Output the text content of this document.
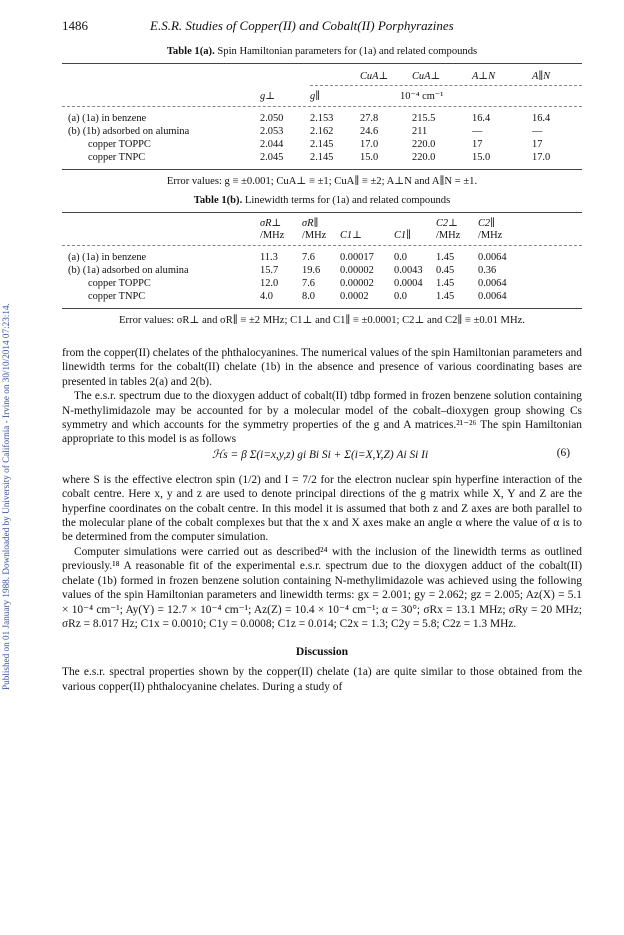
Published on 01 January 1988. Downloaded by University of California - Irvine on 30/10/2014 07:23:14.
1486	E.S.R. Studies of Copper(II) and Cobalt(II) Porphyrazines
Table 1(a). Spin Hamiltonian parameters for (1a) and related compounds
			CuA⊥	CuA⊥	A⊥N	A∥N

	g⊥	g∥	10⁻⁴ cm⁻¹			

(a) (1a) in benzene	2.050	2.153	27.8	215.5	16.4	16.4
(b) (1b) adsorbed on alumina	2.053	2.162	24.6	211	—	—
copper TOPPC	2.044	2.145	17.0	220.0	17	17
copper TNPC	2.045	2.145	15.0	220.0	15.0	17.0
Error values: g ≡ ±0.001; CuA⊥ ≡ ±1; CuA∥ ≡ ±2; A⊥N and A∥N = ±1.
Table 1(b). Linewidth terms for (1a) and related compounds
	σR⊥	σR∥			C2⊥	C2∥
	/MHz	/MHz	C1⊥	C1∥	/MHz	/MHz

(a) (1a) in benzene	11.3	7.6	0.00017	0.0	1.45	0.0064
(b) (1a) adsorbed on alumina	15.7	19.6	0.00002	0.0043	0.45	0.36
copper TOPPC	12.0	7.6	0.00002	0.0004	1.45	0.0064
copper TNPC	4.0	8.0	0.0002	0.0	1.45	0.0064
Error values: σR⊥ and σR∥ ≡ ±2 MHz; C1⊥ and C1∥ ≡ ±0.0001; C2⊥ and C2∥ ≡ ±0.01 MHz.

from the copper(II) chelates of the phthalocyanines. The numerical values of the spin Hamiltonian parameters and linewidth terms for the cobalt(II) chelate (1b) in the absence and presence of various coordinating bases are presented in tables 2(a) and 2(b).

The e.s.r. spectrum due to the dioxygen adduct of cobalt(II) tdbp formed in frozen benzene solution containing N-methylimidazole may be accounted for by a molecular model of the cobalt–dioxygen group showing Cs symmetry and which accounts for the symmetry properties of the g and A matrices.²¹⁻²⁶ The spin Hamiltonian appropriate to this model is as follows

ℋs = β Σ(i=x,y,z) gi Bi Si + Σ(i=X,Y,Z) Ai Si Ii	(6)

where S is the effective electron spin (1/2) and I = 7/2 for the electron nuclear spin hyperfine interaction of the cobalt centre. Here x, y and z are used to denote principal directions of the g matrix while X, Y and Z are the hyperfine coordinates on the cobalt centre. In this model it is assumed that both z and Z axes are both parallel to the molecular plane of the cobalt complexes but that the x and X axes make an angle α where the value of α is to be determined from the computer simulation.

Computer simulations were carried out as described²⁴ with the inclusion of the linewidth terms as outlined previously.¹⁸ A reasonable fit of the experimental e.s.r. spectrum due to the dioxygen adduct of the cobalt(II) chelate (1b) formed in frozen benzene solution containing N-methylimidazole was achieved using the following values of the spin Hamiltonian parameters and linewidth terms: gx = 2.001; gy = 2.062; gz = 2.005; Az(X) = 5.1 × 10⁻⁴ cm⁻¹; Ay(Y) = 12.7 × 10⁻⁴ cm⁻¹; Az(Z) = 10.4 × 10⁻⁴ cm⁻¹; α = 30°; σRx = 13.1 MHz; σRy = 20 MHz; σRz = 8.017 Hz; C1x = 0.0010; C1y = 0.0008; C1z = 0.014; C2x = 1.3; C2y = 5.8; C2z = 1.3 MHz.

Discussion

The e.s.r. spectral properties shown by the copper(II) chelate (1a) are quite similar to those obtained from the various copper(II) phthalocyanine chelates. During a study of
